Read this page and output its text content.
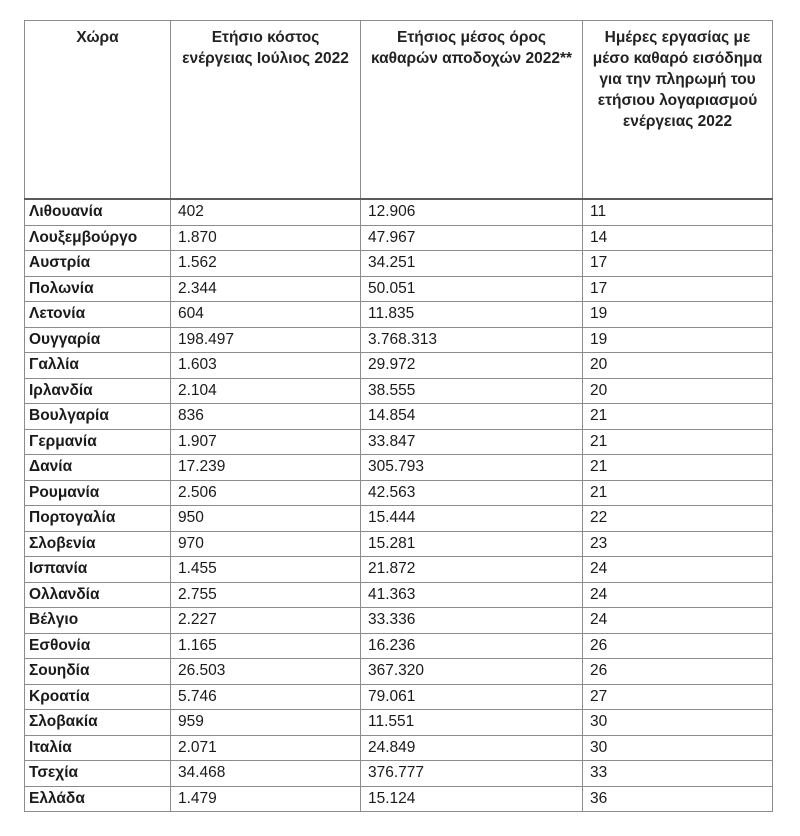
Χώρα	Ετήσιο κόστος ενέργειας Ιούλιος 2022	Ετήσιος μέσος όρος καθαρών αποδοχών 2022**	Ημέρες εργασίας με μέσο καθαρό εισόδημα για την πληρωμή του ετήσιου λογαριασμού ενέργειας 2022
Λιθουανία	402	12.906	11
Λουξεμβούργο	1.870	47.967	14
Αυστρία	1.562	34.251	17
Πολωνία	2.344	50.051	17
Λετονία	604	11.835	19
Ουγγαρία	198.497	3.768.313	19
Γαλλία	1.603	29.972	20
Ιρλανδία	2.104	38.555	20
Βουλγαρία	836	14.854	21
Γερμανία	1.907	33.847	21
Δανία	17.239	305.793	21
Ρουμανία	2.506	42.563	21
Πορτογαλία	950	15.444	22
Σλοβενία	970	15.281	23
Ισπανία	1.455	21.872	24
Ολλανδία	2.755	41.363	24
Βέλγιο	2.227	33.336	24
Εσθονία	1.165	16.236	26
Σουηδία	26.503	367.320	26
Κροατία	5.746	79.061	27
Σλοβακία	959	11.551	30
Ιταλία	2.071	24.849	30
Τσεχία	34.468	376.777	33
Ελλάδα	1.479	15.124	36
